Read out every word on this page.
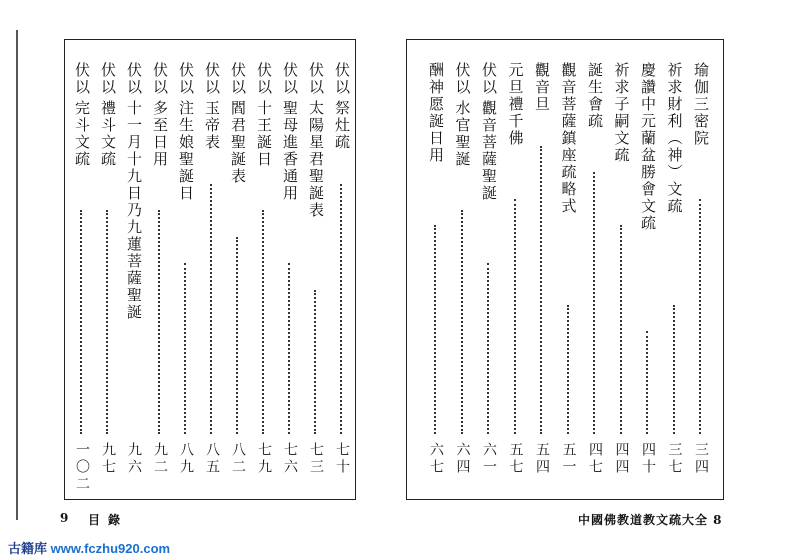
伏以
祭灶疏
七十
伏以
太陽星君聖誕表
七三
伏以
聖母進香通用
七六
伏以
十王誕日
七九
伏以
閻君聖誕表
八二
伏以
玉帝表
八五
伏以
注生娘聖誕日
八九
伏以
多至日用
九二
伏以
十一月十九日乃九蓮菩薩聖誕
九六
伏以
禮斗文疏
九七
伏以
完斗文疏
一〇二
瑜伽三密院
三四
祈求財利（神）文疏
三七
慶讚中元蘭盆勝會文疏
四十
祈求子嗣文疏
四四
誕生會疏
四七
觀音菩薩鎮座疏略式
五一
觀音旦
五四
元旦禮千佛
五七
伏以
觀音菩薩聖誕
六一
伏以
水官聖誕
六四
酬神愿誕日用
六七
9 目錄	中國佛教道教文疏大全 8
古籍库 www.fczhu920.com
